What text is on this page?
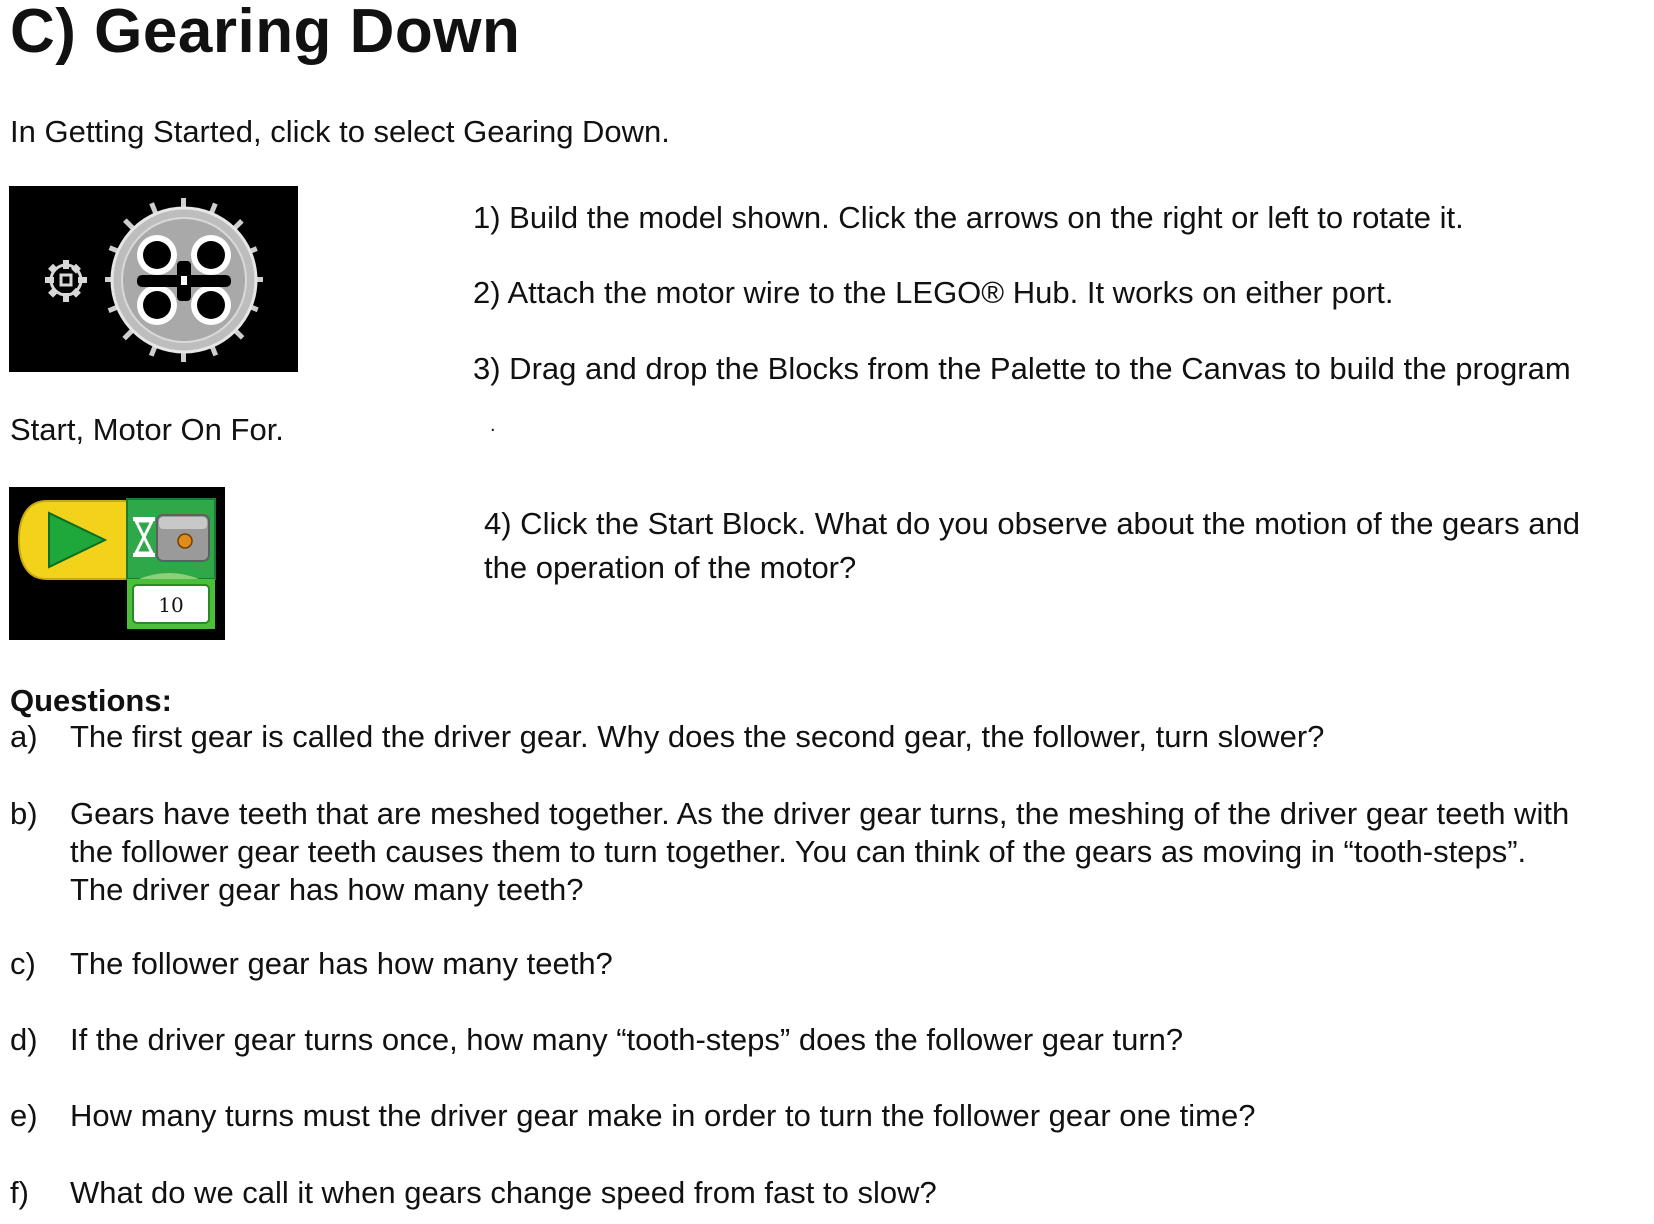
C) Gearing Down
In Getting Started, click to select Gearing Down.
1) Build the model shown. Click the arrows on the right or left to rotate it.
2) Attach the motor wire to the LEGO® Hub. It works on either port.
3) Drag and drop the Blocks from the Palette to the Canvas to build the program
Start, Motor On For.	.
10
4) Click the Start Block. What do you observe about the motion of the gears and the operation of the motor?
Questions:
a) The first gear is called the driver gear. Why does the second gear, the follower, turn slower?
b) Gears have teeth that are meshed together. As the driver gear turns, the meshing of the driver gear teeth with the follower gear teeth causes them to turn together. You can think of the gears as moving in “tooth-steps”. The driver gear has how many teeth?
c) The follower gear has how many teeth?
d) If the driver gear turns once, how many “tooth-steps” does the follower gear turn?
e) How many turns must the driver gear make in order to turn the follower gear one time?
f) What do we call it when gears change speed from fast to slow?
